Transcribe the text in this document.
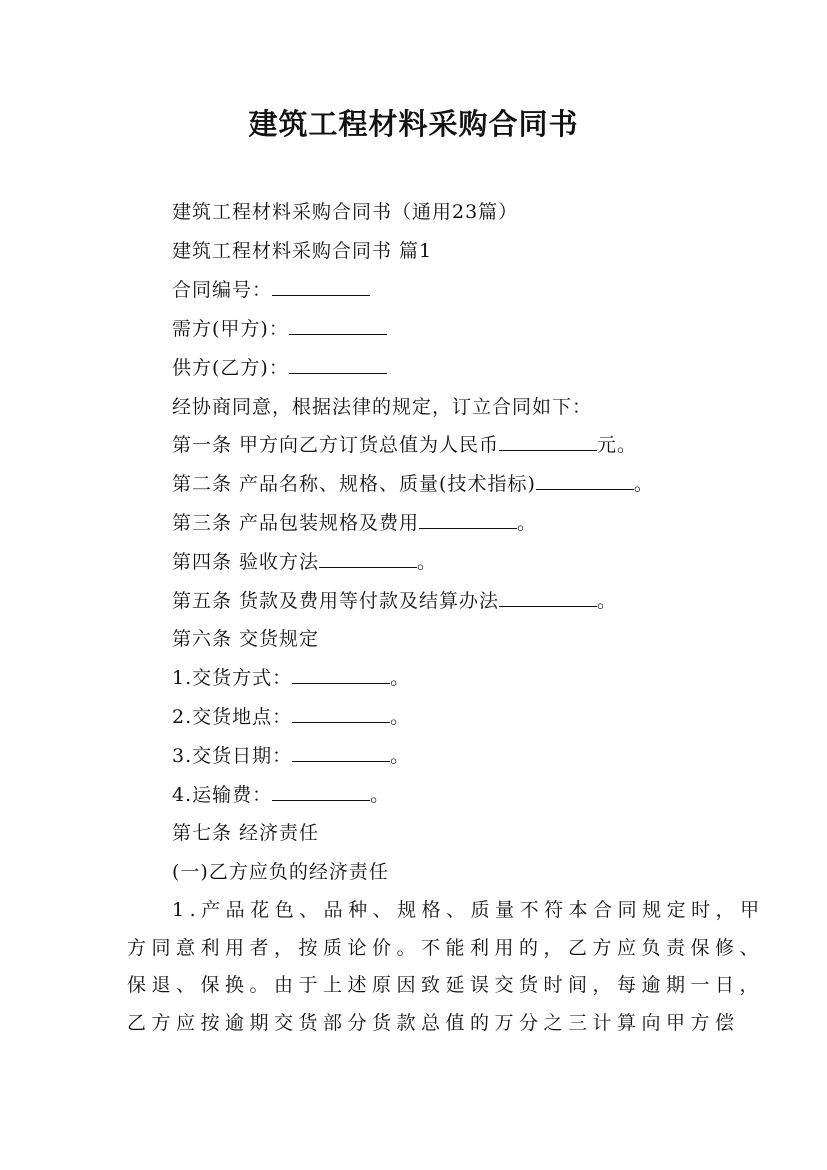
建筑工程材料采购合同书
建筑工程材料采购合同书（通用23篇）
建筑工程材料采购合同书 篇1
合同编号：
需方(甲方)：
供方(乙方)：
经协商同意，根据法律的规定，订立合同如下：
第一条 甲方向乙方订货总值为人民币	元。
第二条 产品名称、规格、质量(技术指标)	。
第三条 产品包装规格及费用	。
第四条 验收方法	。
第五条 货款及费用等付款及结算办法	。
第六条 交货规定
1.交货方式：	。
2.交货地点：	。
3.交货日期：	。
4.运输费：	。
第七条 经济责任
(一)乙方应负的经济责任
1.产品花色、品种、规格、质量不符本合同规定时，甲
方同意利用者，按质论价。不能利用的，乙方应负责保修、
保退、保换。由于上述原因致延误交货时间，每逾期一日，
乙方应按逾期交货部分货款总值的万分之三计算向甲方偿
